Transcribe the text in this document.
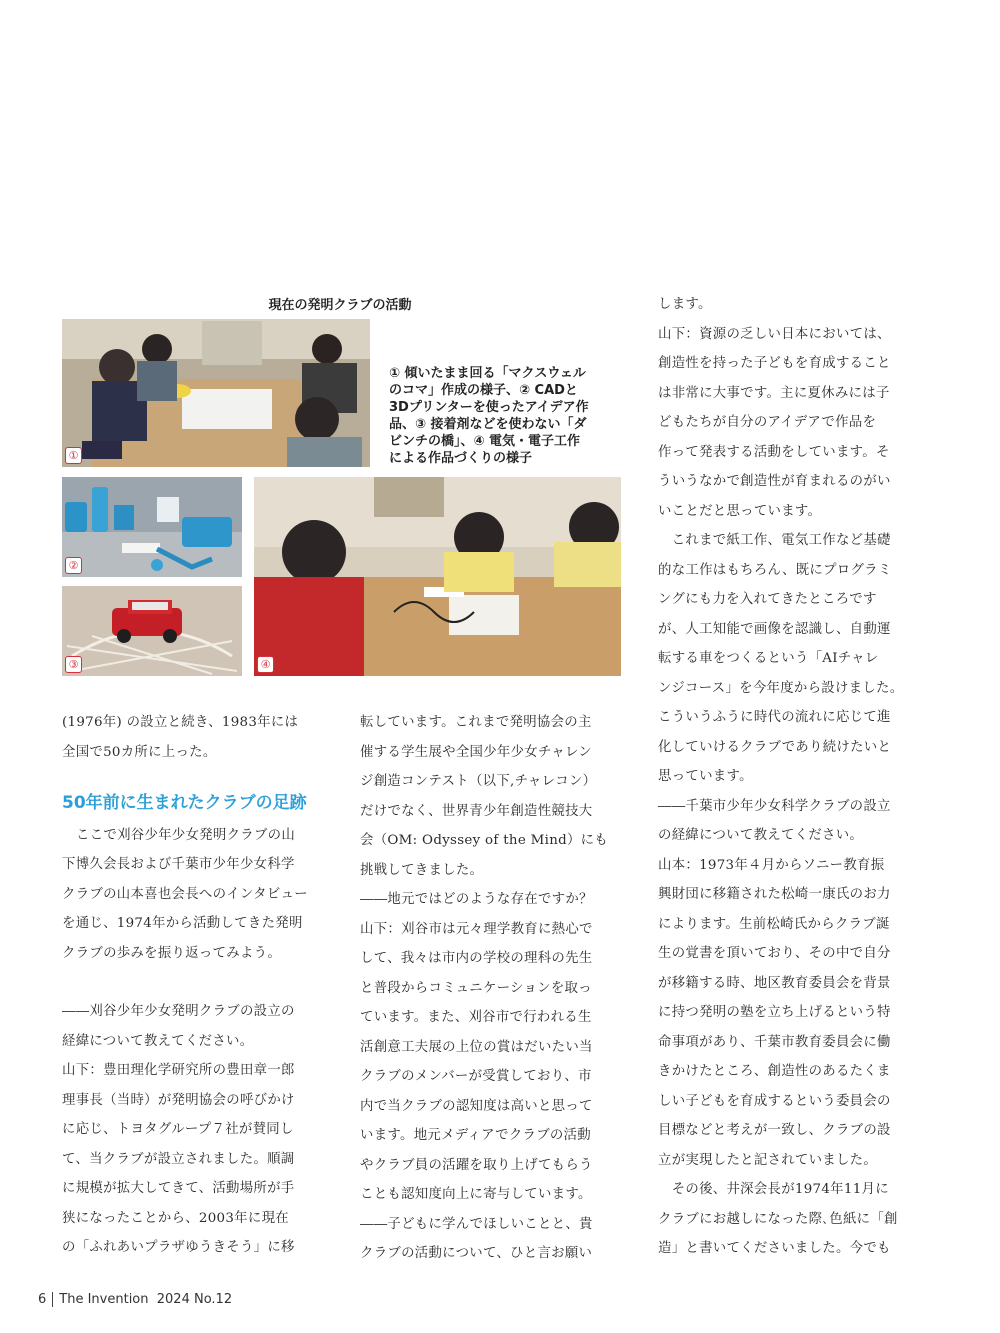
現在の発明クラブの活動
①
① 傾いたまま回る「マクスウェル
のコマ」作成の様子、② CADと
3Dプリンターを使ったアイデア作
品、③ 接着剤などを使わない「ダ
ビンチの橋」、④ 電気・電子工作
による作品づくりの様子
②
③	④

(1976年) の設立と続き、1983年には

全国で50カ所に上った。

50年前に生まれたクラブの足跡

ここで刈谷少年少女発明クラブの山

下博久会長および千葉市少年少女科学

クラブの山本喜也会長へのインタビュー

を通じ、1974年から活動してきた発明

クラブの歩みを振り返ってみよう。

――刈谷少年少女発明クラブの設立の

経緯について教えてください。

山下：豊田理化学研究所の豊田章一郎

理事長（当時）が発明協会の呼びかけ

に応じ、トヨタグループ７社が賛同し

て、当クラブが設立されました。順調

に規模が拡大してきて、活動場所が手

狭になったことから、2003年に現在

の「ふれあいプラザゆうきそう」に移

転しています。これまで発明協会の主

催する学生展や全国少年少女チャレン

ジ創造コンテスト（以下,チャレコン）

だけでなく、世界青少年創造性競技大

会（OM: Odyssey of the Mind）にも

挑戦してきました。

――地元ではどのような存在ですか？

山下：刈谷市は元々理学教育に熱心で

して、我々は市内の学校の理科の先生

と普段からコミュニケーションを取っ

ています。また、刈谷市で行われる生

活創意工夫展の上位の賞はだいたい当

クラブのメンバーが受賞しており、市

内で当クラブの認知度は高いと思って

います。地元メディアでクラブの活動

やクラブ員の活躍を取り上げてもらう

ことも認知度向上に寄与しています。

――子どもに学んでほしいことと、貴

クラブの活動について、ひと言お願い

します。

山下：資源の乏しい日本においては、

創造性を持った子どもを育成すること

は非常に大事です。主に夏休みには子

どもたちが自分のアイデアで作品を

作って発表する活動をしています。そ

ういうなかで創造性が育まれるのがい

いことだと思っています。

　これまで紙工作、電気工作など基礎

的な工作はもちろん、既にプログラミ

ングにも力を入れてきたところです

が、人工知能で画像を認識し、自動運

転する車をつくるという「AIチャレ

ンジコース」を今年度から設けました。

こういうふうに時代の流れに応じて進

化していけるクラブであり続けたいと

思っています。

――千葉市少年少女科学クラブの設立

の経緯について教えてください。

山本：1973年４月からソニー教育振

興財団に移籍された松崎一康氏のお力

によります。生前松崎氏からクラブ誕

生の覚書を頂いており、その中で自分

が移籍する時、地区教育委員会を背景

に持つ発明の塾を立ち上げるという特

命事項があり、千葉市教育委員会に働

きかけたところ、創造性のあるたくま

しい子どもを育成するという委員会の

目標などと考えが一致し、クラブの設

立が実現したと記されていました。

　その後、井深会長が1974年11月に

クラブにお越しになった際､色紙に「創

造」と書いてくださいました。今でも

6 The Invention  2024 No.12
